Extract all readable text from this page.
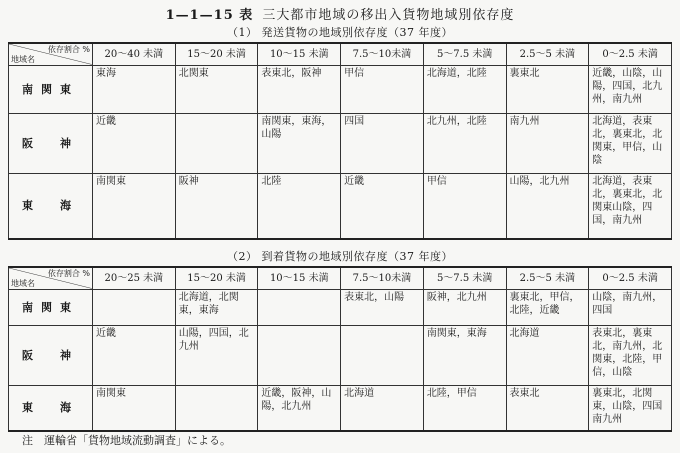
1—1—15 表 三大都市地域の移出入貨物地域別依存度
（1） 発送貨物の地域別依存度（37 年度）
依存割合 %
地域名	20～40 未満	15～20 未満	10～15 未満	7.5～10未満	5～7.5 未満	2.5～5 未満	0～2.5 未満
南関東	東海	北関東	表東北，阪神	甲信	北海道，北陸	裏東北	近畿，山陰，山陽，四国，北九州，南九州
阪　神	近畿		南関東，東海，山陽	四国	北九州，北陸	南九州	北海道，表東北，裏東北，北関東，甲信，山陰
東　海	南関東	阪神	北陸	近畿	甲信	山陽，北九州	北海道，表東北，裏東北，北関東山陰，四国，南九州
（2） 到着貨物の地域別依存度（37 年度）
依存割合 %
地域名	20～25 未満	15～20 未満	10～15 未満	7.5～10未満	5～7.5 未満	2.5～5 未満	0～2.5 未満
南関東		北海道，北関東，東海		表東北，山陽	阪神，北九州	裏東北，甲信，北陸，近畿	山陰，南九州，四国
阪　神	近畿	山陽，四国，北九州			南関東，東海	北海道	表東北，裏東北，南九州，北関東，北陸，甲信，山陰
東　海	南関東		近畿，阪神，山陽，北九州	北海道	北陸，甲信	表東北	裏東北，北関東，山陰，四国南九州
注　運輸省「貨物地域流動調査」による。
